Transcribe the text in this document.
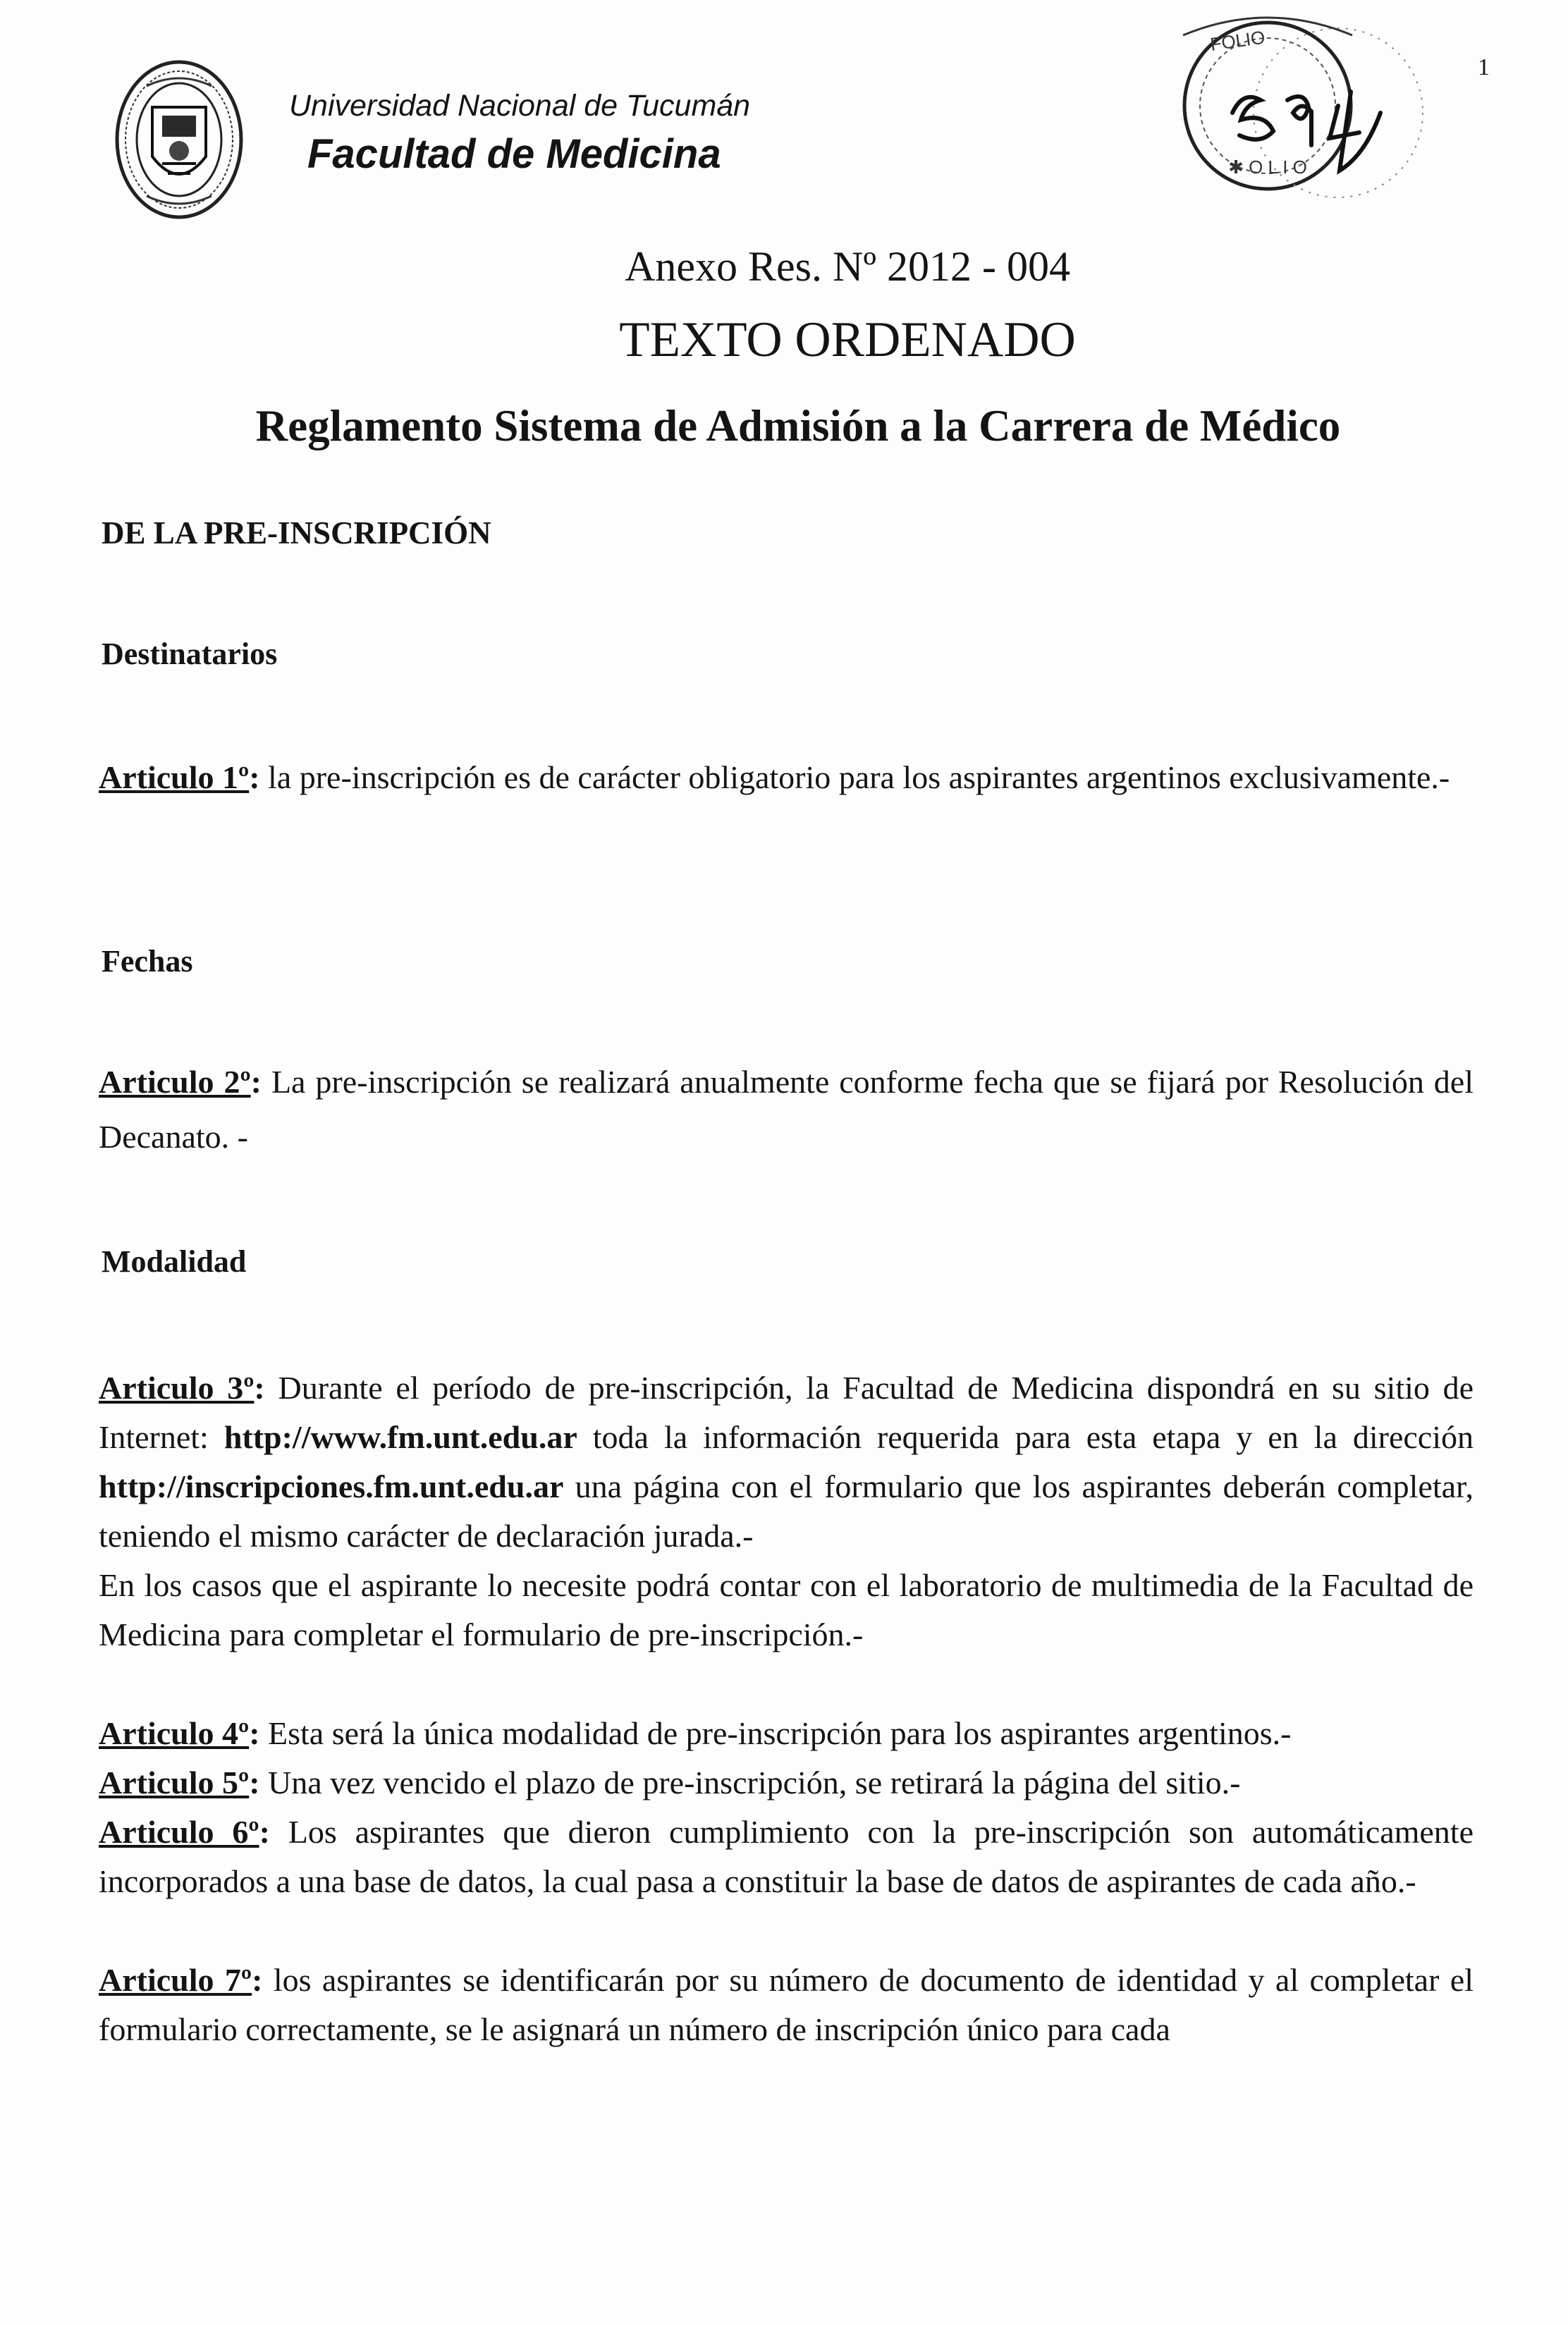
Universidad Nacional de Tucumán
Facultad de Medicina
FOLIO
✱ O L I O
1
Anexo Res. Nº 2012 - 004
TEXTO ORDENADO
Reglamento Sistema de Admisión a la Carrera de Médico
DE LA PRE-INSCRIPCIÓN
Destinatarios
Articulo 1º: la pre-inscripción es de carácter obligatorio para los aspirantes argentinos exclusivamente.-
Fechas
Articulo 2º: La pre-inscripción se realizará anualmente conforme fecha que se fijará por Resolución del Decanato. -
Modalidad
Articulo 3º: Durante el período de pre-inscripción, la Facultad de Medicina dispondrá en su sitio de Internet: http://www.fm.unt.edu.ar toda la información requerida para esta etapa y en la dirección http://inscripciones.fm.unt.edu.ar una página con el formulario que los aspirantes deberán completar, teniendo el mismo carácter de declaración jurada.-
En los casos que el aspirante lo necesite podrá contar con el laboratorio de multimedia de la Facultad de Medicina para completar el formulario de pre-inscripción.-
Articulo 4º: Esta será la única modalidad de pre-inscripción para los aspirantes argentinos.-
Articulo 5º: Una vez vencido el plazo de pre-inscripción, se retirará la página del sitio.-
Articulo 6º: Los aspirantes que dieron cumplimiento con la pre-inscripción son automáticamente incorporados a una base de datos, la cual pasa a constituir la base de datos de aspirantes de cada año.-
Articulo 7º: los aspirantes se identificarán por su número de documento de identidad y al completar el formulario correctamente, se le asignará un número de inscripción único para cada
